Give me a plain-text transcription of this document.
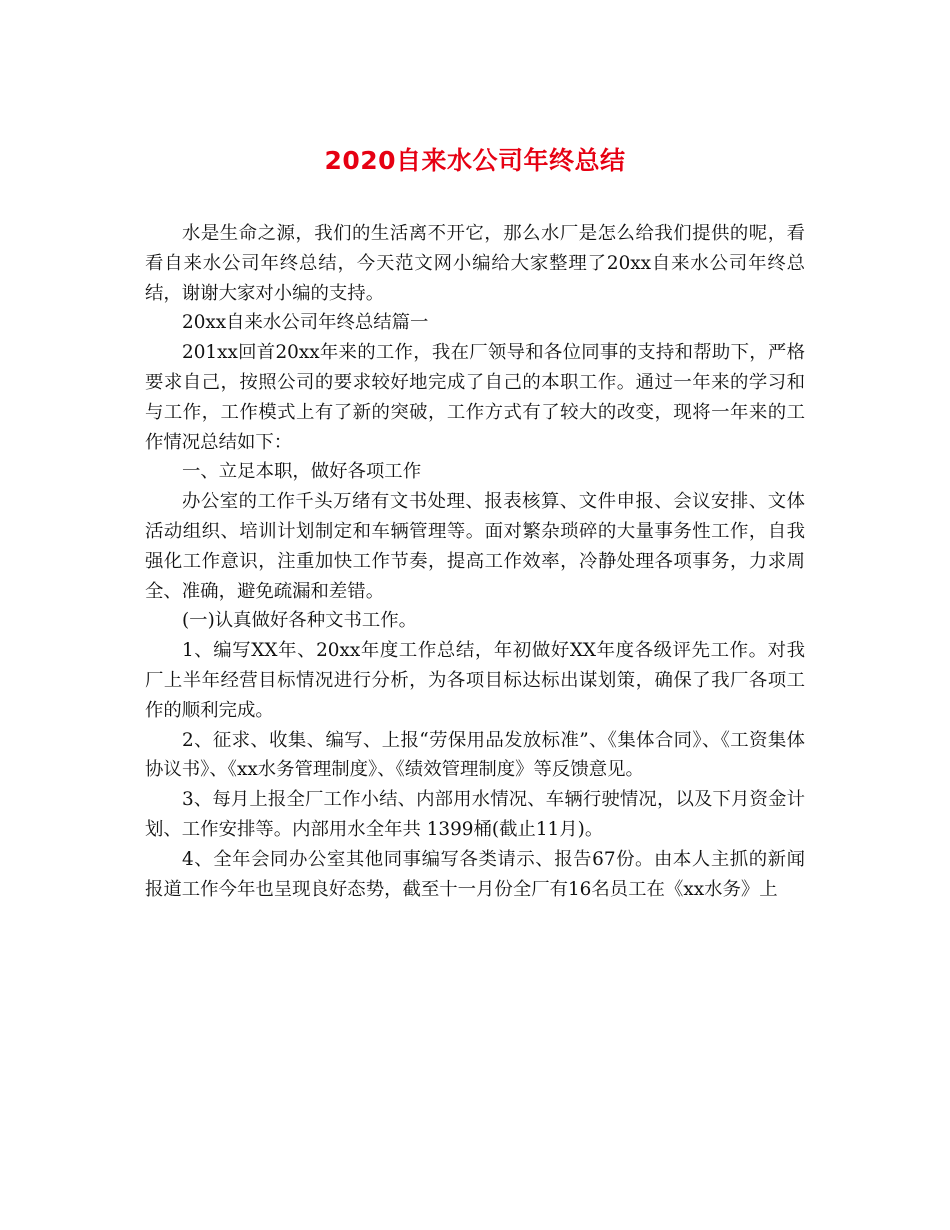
2020自来水公司年终总结

水是生命之源，我们的生活离不开它，那么水厂是怎么给我们提供的呢，看看自来水公司年终总结，今天范文网小编给大家整理了20xx自来水公司年终总结，谢谢大家对小编的支持。

20xx自来水公司年终总结篇一

201xx回首20xx年来的工作，我在厂领导和各位同事的支持和帮助下，严格要求自己，按照公司的要求较好地完成了自己的本职工作。通过一年来的学习和与工作，工作模式上有了新的突破，工作方式有了较大的改变，现将一年来的工作情况总结如下：

一、立足本职，做好各项工作

办公室的工作千头万绪有文书处理、报表核算、文件申报、会议安排、文体活动组织、培训计划制定和车辆管理等。面对繁杂琐碎的大量事务性工作，自我强化工作意识，注重加快工作节奏，提高工作效率，冷静处理各项事务，力求周全、准确，避免疏漏和差错。

(一)认真做好各种文书工作。

1、编写XX年、20xx年度工作总结，年初做好XX年度各级评先工作。对我厂上半年经营目标情况进行分析，为各项目标达标出谋划策，确保了我厂各项工作的顺利完成。

2、征求、收集、编写、上报“劳保用品发放标准”、《集体合同》、《工资集体协议书》、《xx水务管理制度》、《绩效管理制度》等反馈意见。

3、每月上报全厂工作小结、内部用水情况、车辆行驶情况，以及下月资金计划、工作安排等。内部用水全年共 1399桶(截止11月)。

4、全年会同办公室其他同事编写各类请示、报告67份。由本人主抓的新闻报道工作今年也呈现良好态势，截至十一月份全厂有16名员工在《xx水务》上
